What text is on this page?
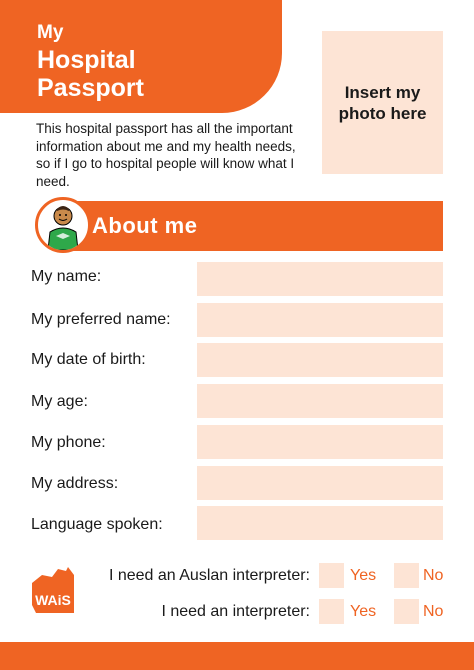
My
Hospital
Passport	Insert my photo here
This hospital passport has all the important information about me and my health needs, so if I go to hospital people will know what I need.
About me
My name:
My preferred name:
My date of birth:
My age:
My phone:
My address:
Language spoken:
WAiS
I need an Auslan interpreter:	Yes	No
I need an interpreter:	Yes	No
